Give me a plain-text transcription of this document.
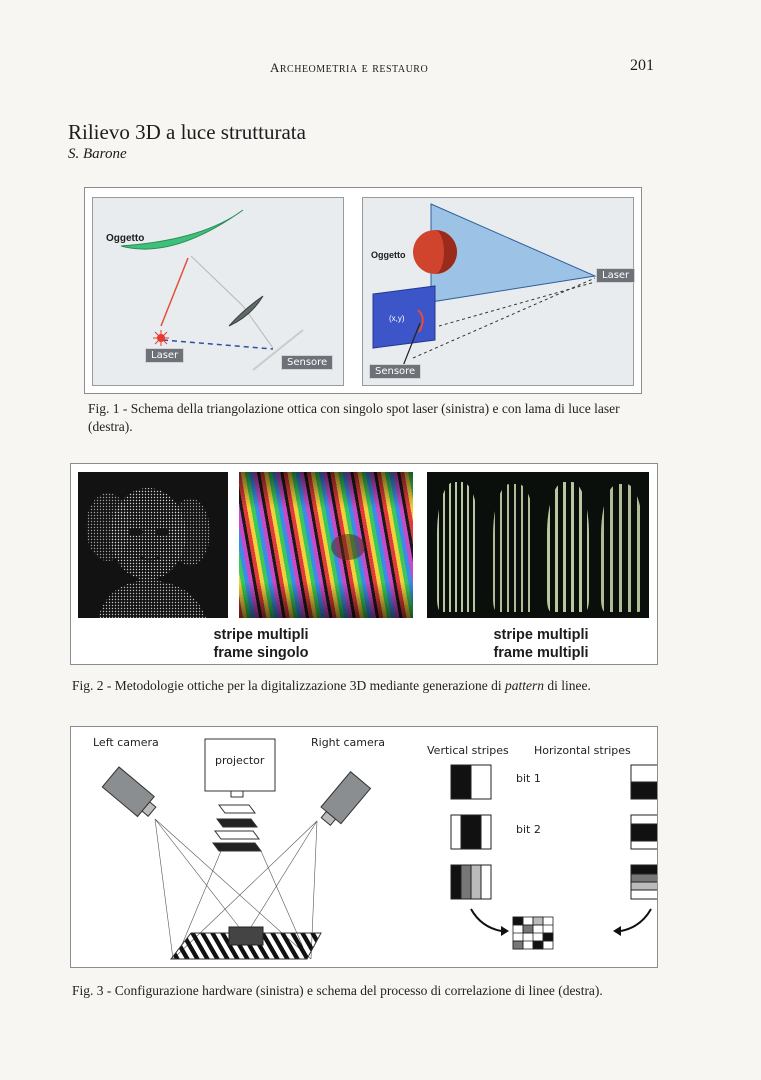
Archeometria e restauro	201
Rilievo 3D a luce strutturata
S. Barone
Oggetto
Laser
Sensore
Oggetto
(x,y)
Laser
Sensore
Fig. 1 - Schema della triangolazione ottica con singolo spot laser (sinistra) e con lama di luce laser (destra).
stripe multipli
frame singolo
stripe multipli
frame multipli
Fig. 2 - Metodologie ottiche per la digitalizzazione 3D mediante generazione di pattern di linee.
Left camera	Right camera
projector
Vertical stripes Horizontal stripes
bit 1
bit 2
Fig. 3 - Configurazione hardware (sinistra) e schema del processo di correlazione di linee (destra).
